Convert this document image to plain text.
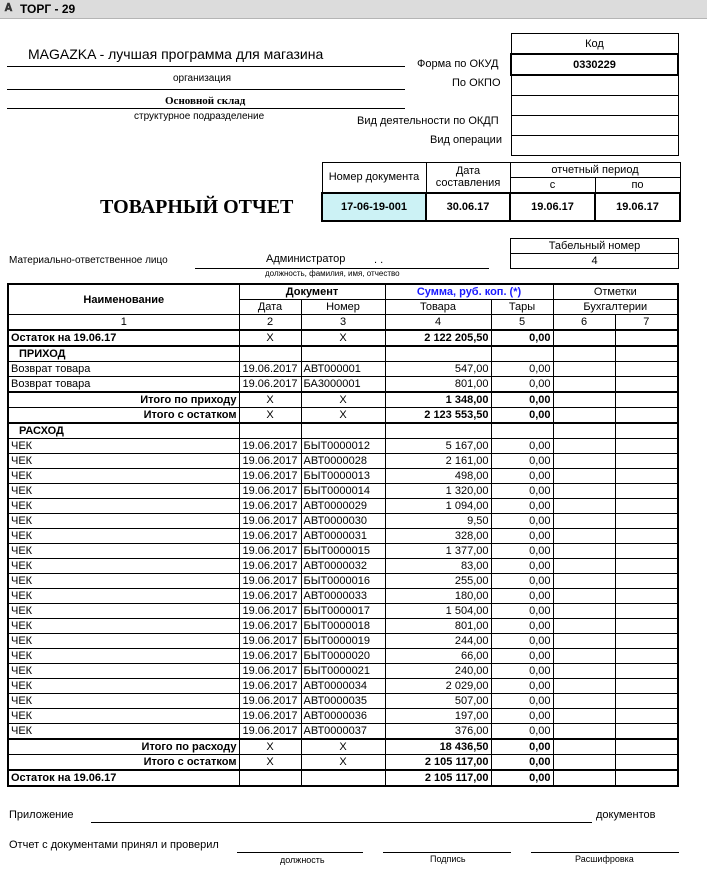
𝐀 ТОРГ - 29
MAGAZKA - лучшая программа для магазина
организация
Основной склад
структурное подразделение
Форма по ОКУД
По ОКПО
Вид деятельности по ОКДП
Вид операции
Код
0330229

Номер документа	Дата составления	отчетный период	
		с	по
17-06-19-001	30.06.17	19.06.17	19.06.17
ТОВАРНЫЙ ОТЧЕТ
Материально-ответственное лицо	Администратор	. .
должность, фамилия, имя, отчество
Табельный номер
4
Наименование	Документ		Сумма, руб. коп. (*)		Отметки	
	Дата	Номер	Товара	Тары	Бухгалтерии	
1	2	3	4	5	6	7
Остаток на 19.06.17	X	X	2 122 205,50	0,00		
ПРИХОД						
Возврат товара	19.06.2017	АВТ000001	547,00	0,00		
Возврат товара	19.06.2017	БА3000001	801,00	0,00		
Итого по приходу	X	X	1 348,00	0,00		
Итого с остатком	X	X	2 123 553,50	0,00		
РАСХОД						
ЧЕК	19.06.2017	БЫТ0000012	5 167,00	0,00		
ЧЕК	19.06.2017	АВТ0000028	2 161,00	0,00		
ЧЕК	19.06.2017	БЫТ0000013	498,00	0,00		
ЧЕК	19.06.2017	БЫТ0000014	1 320,00	0,00		
ЧЕК	19.06.2017	АВТ0000029	1 094,00	0,00		
ЧЕК	19.06.2017	АВТ0000030	9,50	0,00		
ЧЕК	19.06.2017	АВТ0000031	328,00	0,00		
ЧЕК	19.06.2017	БЫТ0000015	1 377,00	0,00		
ЧЕК	19.06.2017	АВТ0000032	83,00	0,00		
ЧЕК	19.06.2017	БЫТ0000016	255,00	0,00		
ЧЕК	19.06.2017	АВТ0000033	180,00	0,00		
ЧЕК	19.06.2017	БЫТ0000017	1 504,00	0,00		
ЧЕК	19.06.2017	БЫТ0000018	801,00	0,00		
ЧЕК	19.06.2017	БЫТ0000019	244,00	0,00		
ЧЕК	19.06.2017	БЫТ0000020	66,00	0,00		
ЧЕК	19.06.2017	БЫТ0000021	240,00	0,00		
ЧЕК	19.06.2017	АВТ0000034	2 029,00	0,00		
ЧЕК	19.06.2017	АВТ0000035	507,00	0,00		
ЧЕК	19.06.2017	АВТ0000036	197,00	0,00		
ЧЕК	19.06.2017	АВТ0000037	376,00	0,00		
Итого по расходу	X	X	18 436,50	0,00		
Итого с остатком	X	X	2 105 117,00	0,00		
Остаток на 19.06.17			2 105 117,00	0,00		
Приложение	документов
Отчет с документами принял и проверил
должность	Подпись	Расшифровка
